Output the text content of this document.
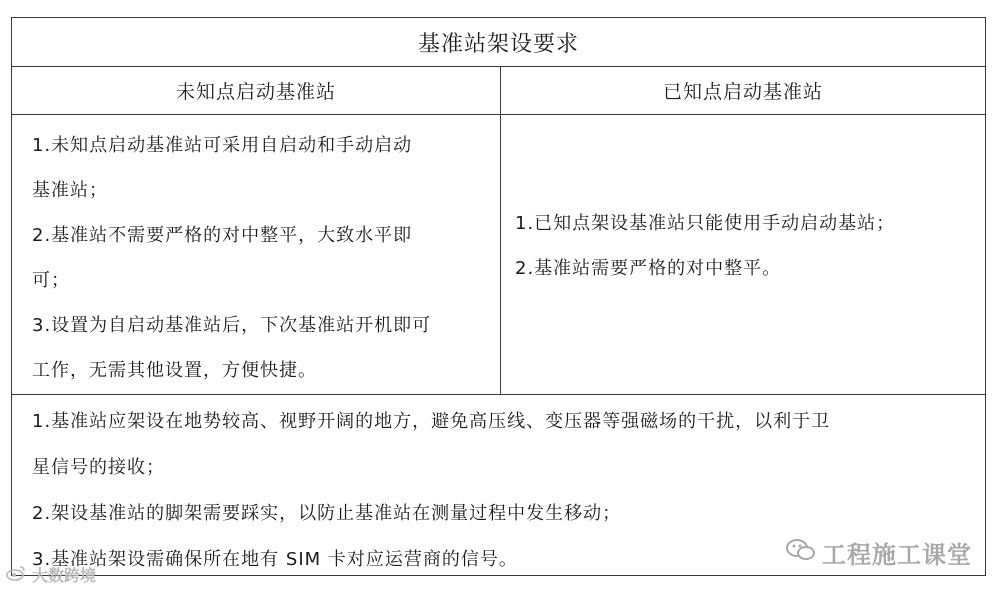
基准站架设要求
未知点启动基准站	已知点启动基准站
1.未知点启动基准站可采用自启动和手动启动
基准站；
2.基准站不需要严格的对中整平，大致水平即
可；
3.设置为自启动基准站后，下次基准站开机即可
工作，无需其他设置，方便快捷。
1.已知点架设基准站只能使用手动启动基站；
2.基准站需要严格的对中整平。
1.基准站应架设在地势较高、视野开阔的地方，避免高压线、变压器等强磁场的干扰，以利于卫
星信号的接收；
2.架设基准站的脚架需要踩实，以防止基准站在测量过程中发生移动；
3.基准站架设需确保所在地有 SIM 卡对应运营商的信号。
大数跨境
工程施工课堂
